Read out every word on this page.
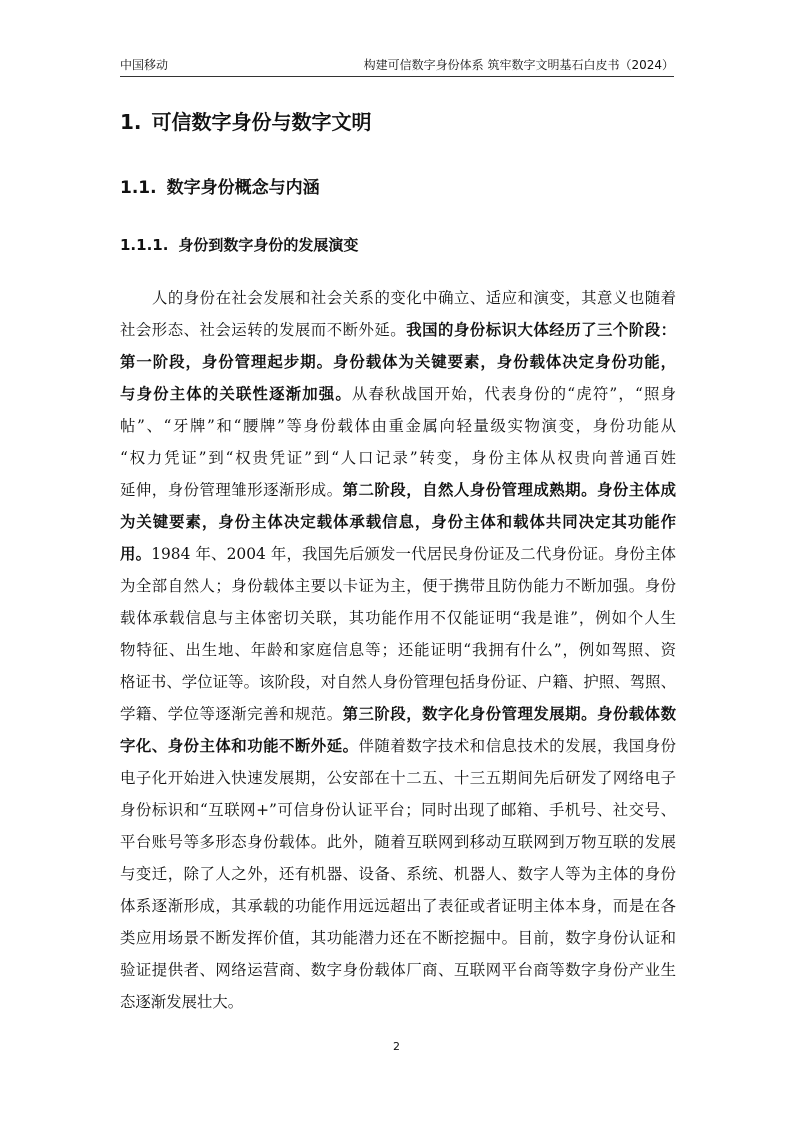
中国移动	构建可信数字身份体系 筑牢数字文明基石白皮书（2024）
1. 可信数字身份与数字文明
1.1. 数字身份概念与内涵
1.1.1. 身份到数字身份的发展演变
人的身份在社会发展和社会关系的变化中确立、适应和演变，其意义也随着
社会形态、社会运转的发展而不断外延。我国的身份标识大体经历了三个阶段：
第一阶段，身份管理起步期。身份载体为关键要素，身份载体决定身份功能，
与身份主体的关联性逐渐加强。从春秋战国开始，代表身份的“虎符”，“照身
帖”、“牙牌”和“腰牌”等身份载体由重金属向轻量级实物演变，身份功能从
“权力凭证”到“权贵凭证”到“人口记录”转变，身份主体从权贵向普通百姓
延伸，身份管理雏形逐渐形成。第二阶段，自然人身份管理成熟期。身份主体成
为关键要素，身份主体决定载体承载信息，身份主体和载体共同决定其功能作
用。1984 年、2004 年，我国先后颁发一代居民身份证及二代身份证。身份主体
为全部自然人；身份载体主要以卡证为主，便于携带且防伪能力不断加强。身份
载体承载信息与主体密切关联，其功能作用不仅能证明“我是谁”，例如个人生
物特征、出生地、年龄和家庭信息等；还能证明“我拥有什么”，例如驾照、资
格证书、学位证等。该阶段，对自然人身份管理包括身份证、户籍、护照、驾照、
学籍、学位等逐渐完善和规范。第三阶段，数字化身份管理发展期。身份载体数
字化、身份主体和功能不断外延。伴随着数字技术和信息技术的发展，我国身份
电子化开始进入快速发展期，公安部在十二五、十三五期间先后研发了网络电子
身份标识和“互联网+”可信身份认证平台；同时出现了邮箱、手机号、社交号、
平台账号等多形态身份载体。此外，随着互联网到移动互联网到万物互联的发展
与变迁，除了人之外，还有机器、设备、系统、机器人、数字人等为主体的身份
体系逐渐形成，其承载的功能作用远远超出了表征或者证明主体本身，而是在各
类应用场景不断发挥价值，其功能潜力还在不断挖掘中。目前，数字身份认证和
验证提供者、网络运营商、数字身份载体厂商、互联网平台商等数字身份产业生
态逐渐发展壮大。
2
